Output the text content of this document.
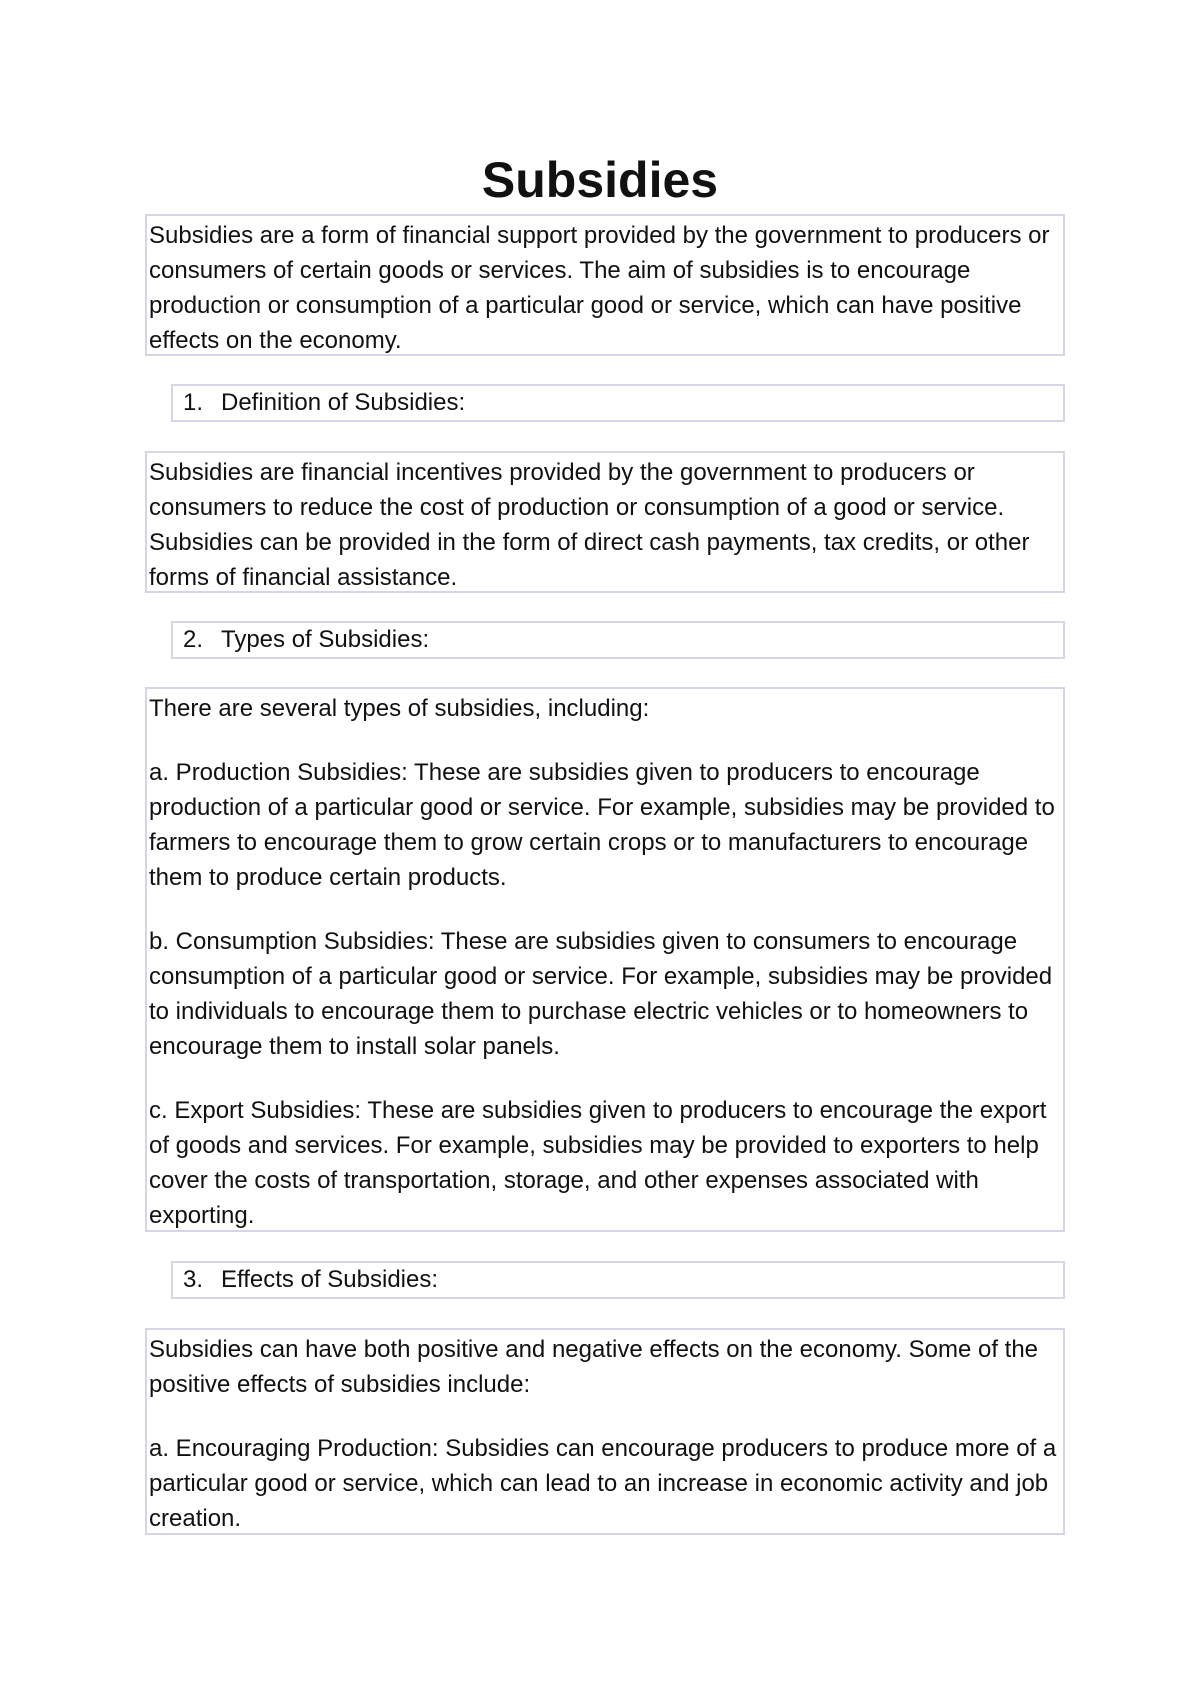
Subsidies

Subsidies are a form of financial support provided by the government to producers or consumers of certain goods or services. The aim of subsidies is to encourage production or consumption of a particular good or service, which can have positive effects on the economy.

1. Definition of Subsidies:

Subsidies are financial incentives provided by the government to producers or consumers to reduce the cost of production or consumption of a good or service. Subsidies can be provided in the form of direct cash payments, tax credits, or other forms of financial assistance.

2. Types of Subsidies:

There are several types of subsidies, including:

a. Production Subsidies: These are subsidies given to producers to encourage production of a particular good or service. For example, subsidies may be provided to farmers to encourage them to grow certain crops or to manufacturers to encourage them to produce certain products.

b. Consumption Subsidies: These are subsidies given to consumers to encourage consumption of a particular good or service. For example, subsidies may be provided to individuals to encourage them to purchase electric vehicles or to homeowners to encourage them to install solar panels.

c. Export Subsidies: These are subsidies given to producers to encourage the export of goods and services. For example, subsidies may be provided to exporters to help cover the costs of transportation, storage, and other expenses associated with exporting.

3. Effects of Subsidies:

Subsidies can have both positive and negative effects on the economy. Some of the positive effects of subsidies include:

a. Encouraging Production: Subsidies can encourage producers to produce more of a particular good or service, which can lead to an increase in economic activity and job creation.
